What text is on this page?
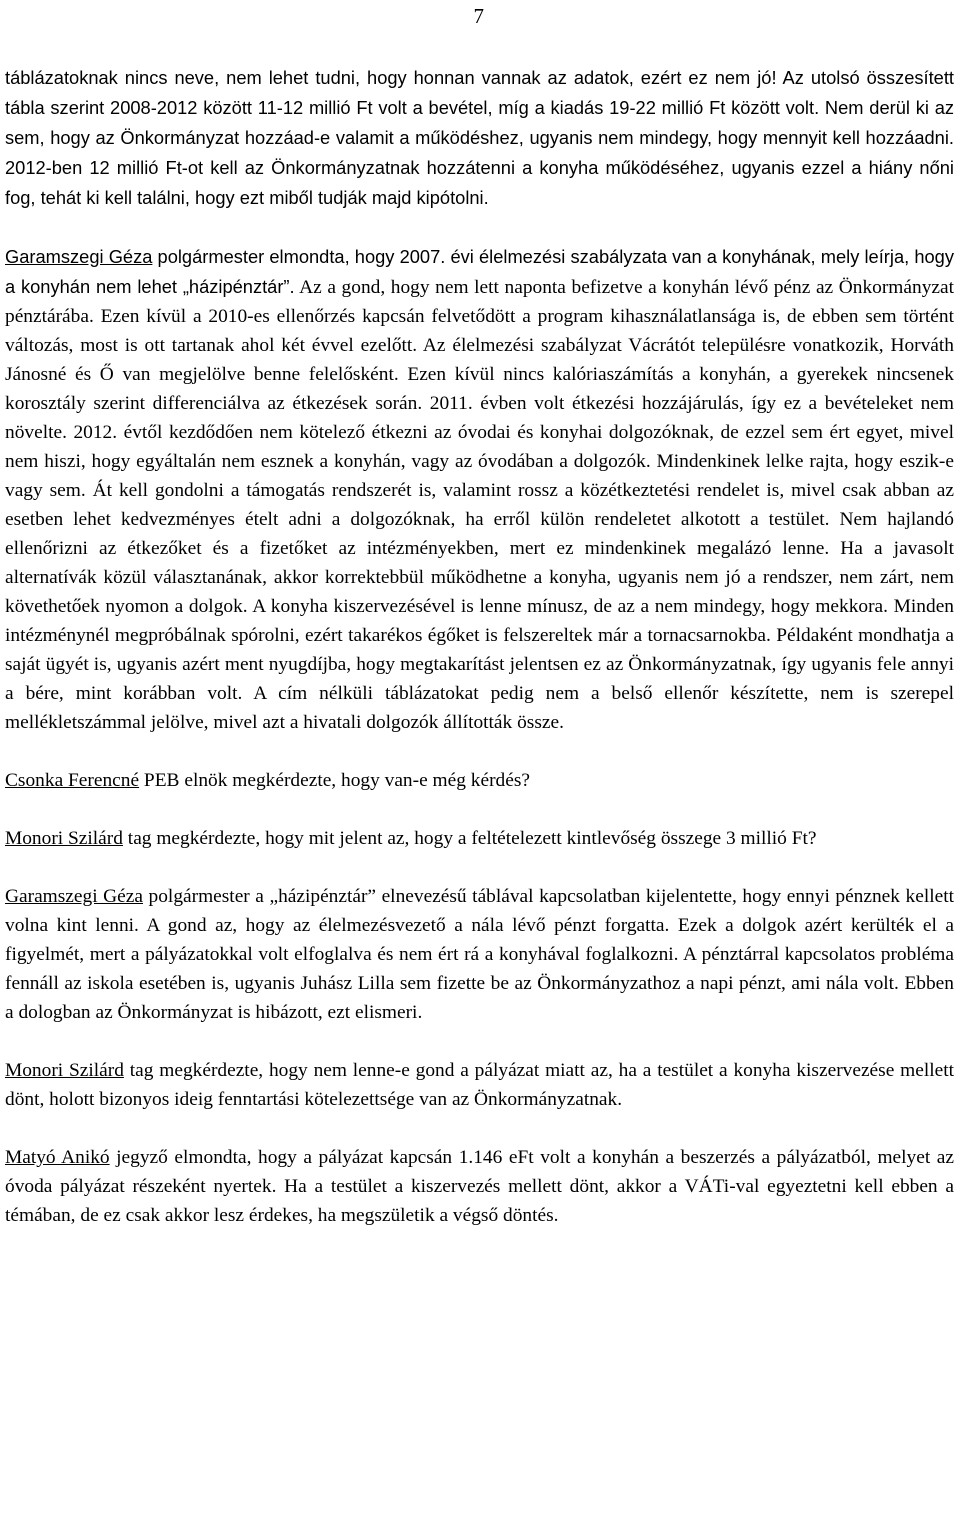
7

táblázatoknak nincs neve, nem lehet tudni, hogy honnan vannak az adatok, ezért ez nem jó! Az utolsó összesített tábla szerint 2008-2012 között 11-12 millió Ft volt a bevétel, míg a kiadás 19-22 millió Ft között volt. Nem derül ki az sem, hogy az Önkormányzat hozzáad-e valamit a működéshez, ugyanis nem mindegy, hogy mennyit kell hozzáadni. 2012-ben 12 millió Ft-ot kell az Önkormányzatnak hozzátenni a konyha működéséhez, ugyanis ezzel a hiány nőni fog, tehát ki kell találni, hogy ezt miből tudják majd kipótolni.

Garamszegi Géza polgármester elmondta, hogy 2007. évi élelmezési szabályzata van a konyhának, mely leírja, hogy a konyhán nem lehet „házipénztár”. Az a gond, hogy nem lett naponta befizetve a konyhán lévő pénz az Önkormányzat pénztárába. Ezen kívül a 2010-es ellenőrzés kapcsán felvetődött a program kihasználatlansága is, de ebben sem történt változás, most is ott tartanak ahol két évvel ezelőtt. Az élelmezési szabályzat Vácrátót településre vonatkozik, Horváth Jánosné és Ő van megjelölve benne felelősként. Ezen kívül nincs kalóriaszámítás a konyhán, a gyerekek nincsenek korosztály szerint differenciálva az étkezések során. 2011. évben volt étkezési hozzájárulás, így ez a bevételeket nem növelte. 2012. évtől kezdődően nem kötelező étkezni az óvodai és konyhai dolgozóknak, de ezzel sem ért egyet, mivel nem hiszi, hogy egyáltalán nem esznek a konyhán, vagy az óvodában a dolgozók. Mindenkinek lelke rajta, hogy eszik-e vagy sem. Át kell gondolni a támogatás rendszerét is, valamint rossz a közétkeztetési rendelet is, mivel csak abban az esetben lehet kedvezményes ételt adni a dolgozóknak, ha erről külön rendeletet alkotott a testület. Nem hajlandó ellenőrizni az étkezőket és a fizetőket az intézményekben, mert ez mindenkinek megalázó lenne. Ha a javasolt alternatívák közül választanának, akkor korrektebbül működhetne a konyha, ugyanis nem jó a rendszer, nem zárt, nem követhetőek nyomon a dolgok. A konyha kiszervezésével is lenne mínusz, de az a nem mindegy, hogy mekkora. Minden intézménynél megpróbálnak spórolni, ezért takarékos égőket is felszereltek már a tornacsarnokba. Példaként mondhatja a saját ügyét is, ugyanis azért ment nyugdíjba, hogy megtakarítást jelentsen ez az Önkormányzatnak, így ugyanis fele annyi a bére, mint korábban volt. A cím nélküli táblázatokat pedig nem a belső ellenőr készítette, nem is szerepel mellékletszámmal jelölve, mivel azt a hivatali dolgozók állították össze.

Csonka Ferencné PEB elnök megkérdezte, hogy van-e még kérdés?

Monori Szilárd tag megkérdezte, hogy mit jelent az, hogy a feltételezett kintlevőség összege 3 millió Ft?

Garamszegi Géza polgármester a „házipénztár” elnevezésű táblával kapcsolatban kijelentette, hogy ennyi pénznek kellett volna kint lenni. A gond az, hogy az élelmezésvezető a nála lévő pénzt forgatta. Ezek a dolgok azért kerülték el a figyelmét, mert a pályázatokkal volt elfoglalva és nem ért rá a konyhával foglalkozni. A pénztárral kapcsolatos probléma fennáll az iskola esetében is, ugyanis Juhász Lilla sem fizette be az Önkormányzathoz a napi pénzt, ami nála volt. Ebben a dologban az Önkormányzat is hibázott, ezt elismeri.

Monori Szilárd tag megkérdezte, hogy nem lenne-e gond a pályázat miatt az, ha a testület a konyha kiszervezése mellett dönt, holott bizonyos ideig fenntartási kötelezettsége van az Önkormányzatnak.

Matyó Anikó jegyző elmondta, hogy a pályázat kapcsán 1.146 eFt volt a konyhán a beszerzés a pályázatból, melyet az óvoda pályázat részeként nyertek. Ha a testület a kiszervezés mellett dönt, akkor a VÁTi-val egyeztetni kell ebben a témában, de ez csak akkor lesz érdekes, ha megszületik a végső döntés.
